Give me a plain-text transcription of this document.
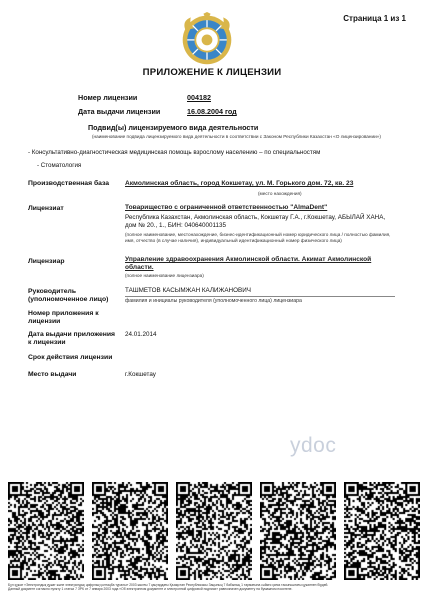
Страница 1 из 1
ПРИЛОЖЕНИЕ К ЛИЦЕНЗИИ
Номер лицензии	004182
Дата выдачи лицензии	16.08.2004 год
Подвид(ы) лицензируемого вида деятельности
(наименование подвида лицензируемого вида деятельности в соответствии с Законом Республики Казахстан «О лицензировании»)
- Консультативно-диагностическая медицинская помощь взрослому населению – по специальностям
- Стоматология
Производственная база Акмолинская область, город Кокшетау, ул. М. Горького дом. 72, кв. 23
(место нахождения)
Лицензиат	Товарищество с ограниченной ответственностью "AlmaDent"
Республика Казахстан, Акмолинская область, Кокшетау Г.А., г.Кокшетау, АБЫЛАЙ ХАНА, дом № 20., 1., БИН: 040640001135
(полное наименование, местонахождение, бизнес-идентификационный номер юридического лица / полностью фамилия, имя, отчество (в случае наличия), индивидуальный идентификационный номер физического лица)
Лицензиар	Управление здравоохранения Акмолинской области. Акимат Акмолинской области.
(полное наименование лицензиара)
Руководитель
(уполномоченное лицо)
ТАШМЕТОВ КАСЫМЖАН КАЛИЖАНОВИЧ
фамилия и инициалы руководителя (уполномоченного лица) лицензиара
Номер приложения к
лицензии
Дата выдачи приложения
к лицензии
24.01.2014
Срок действия лицензии
Место выдачи	г.Кокшетау
ydoc
Бұл құжат «Электрондық құжат және электрондық цифрлық қолтаңба туралы» 2003 жылғы 7 қаңтардағы Қазақстан Республикасы Заңының 7 бабының 1 тармағына сәйкес қағаз тасығыштағы құжатпен бірдей.
Данный документ согласно пункту 1 статьи 7 ЗРК от 7 января 2003 года «Об электронном документе и электронной цифровой подписи» равнозначен документу на бумажном носителе.
